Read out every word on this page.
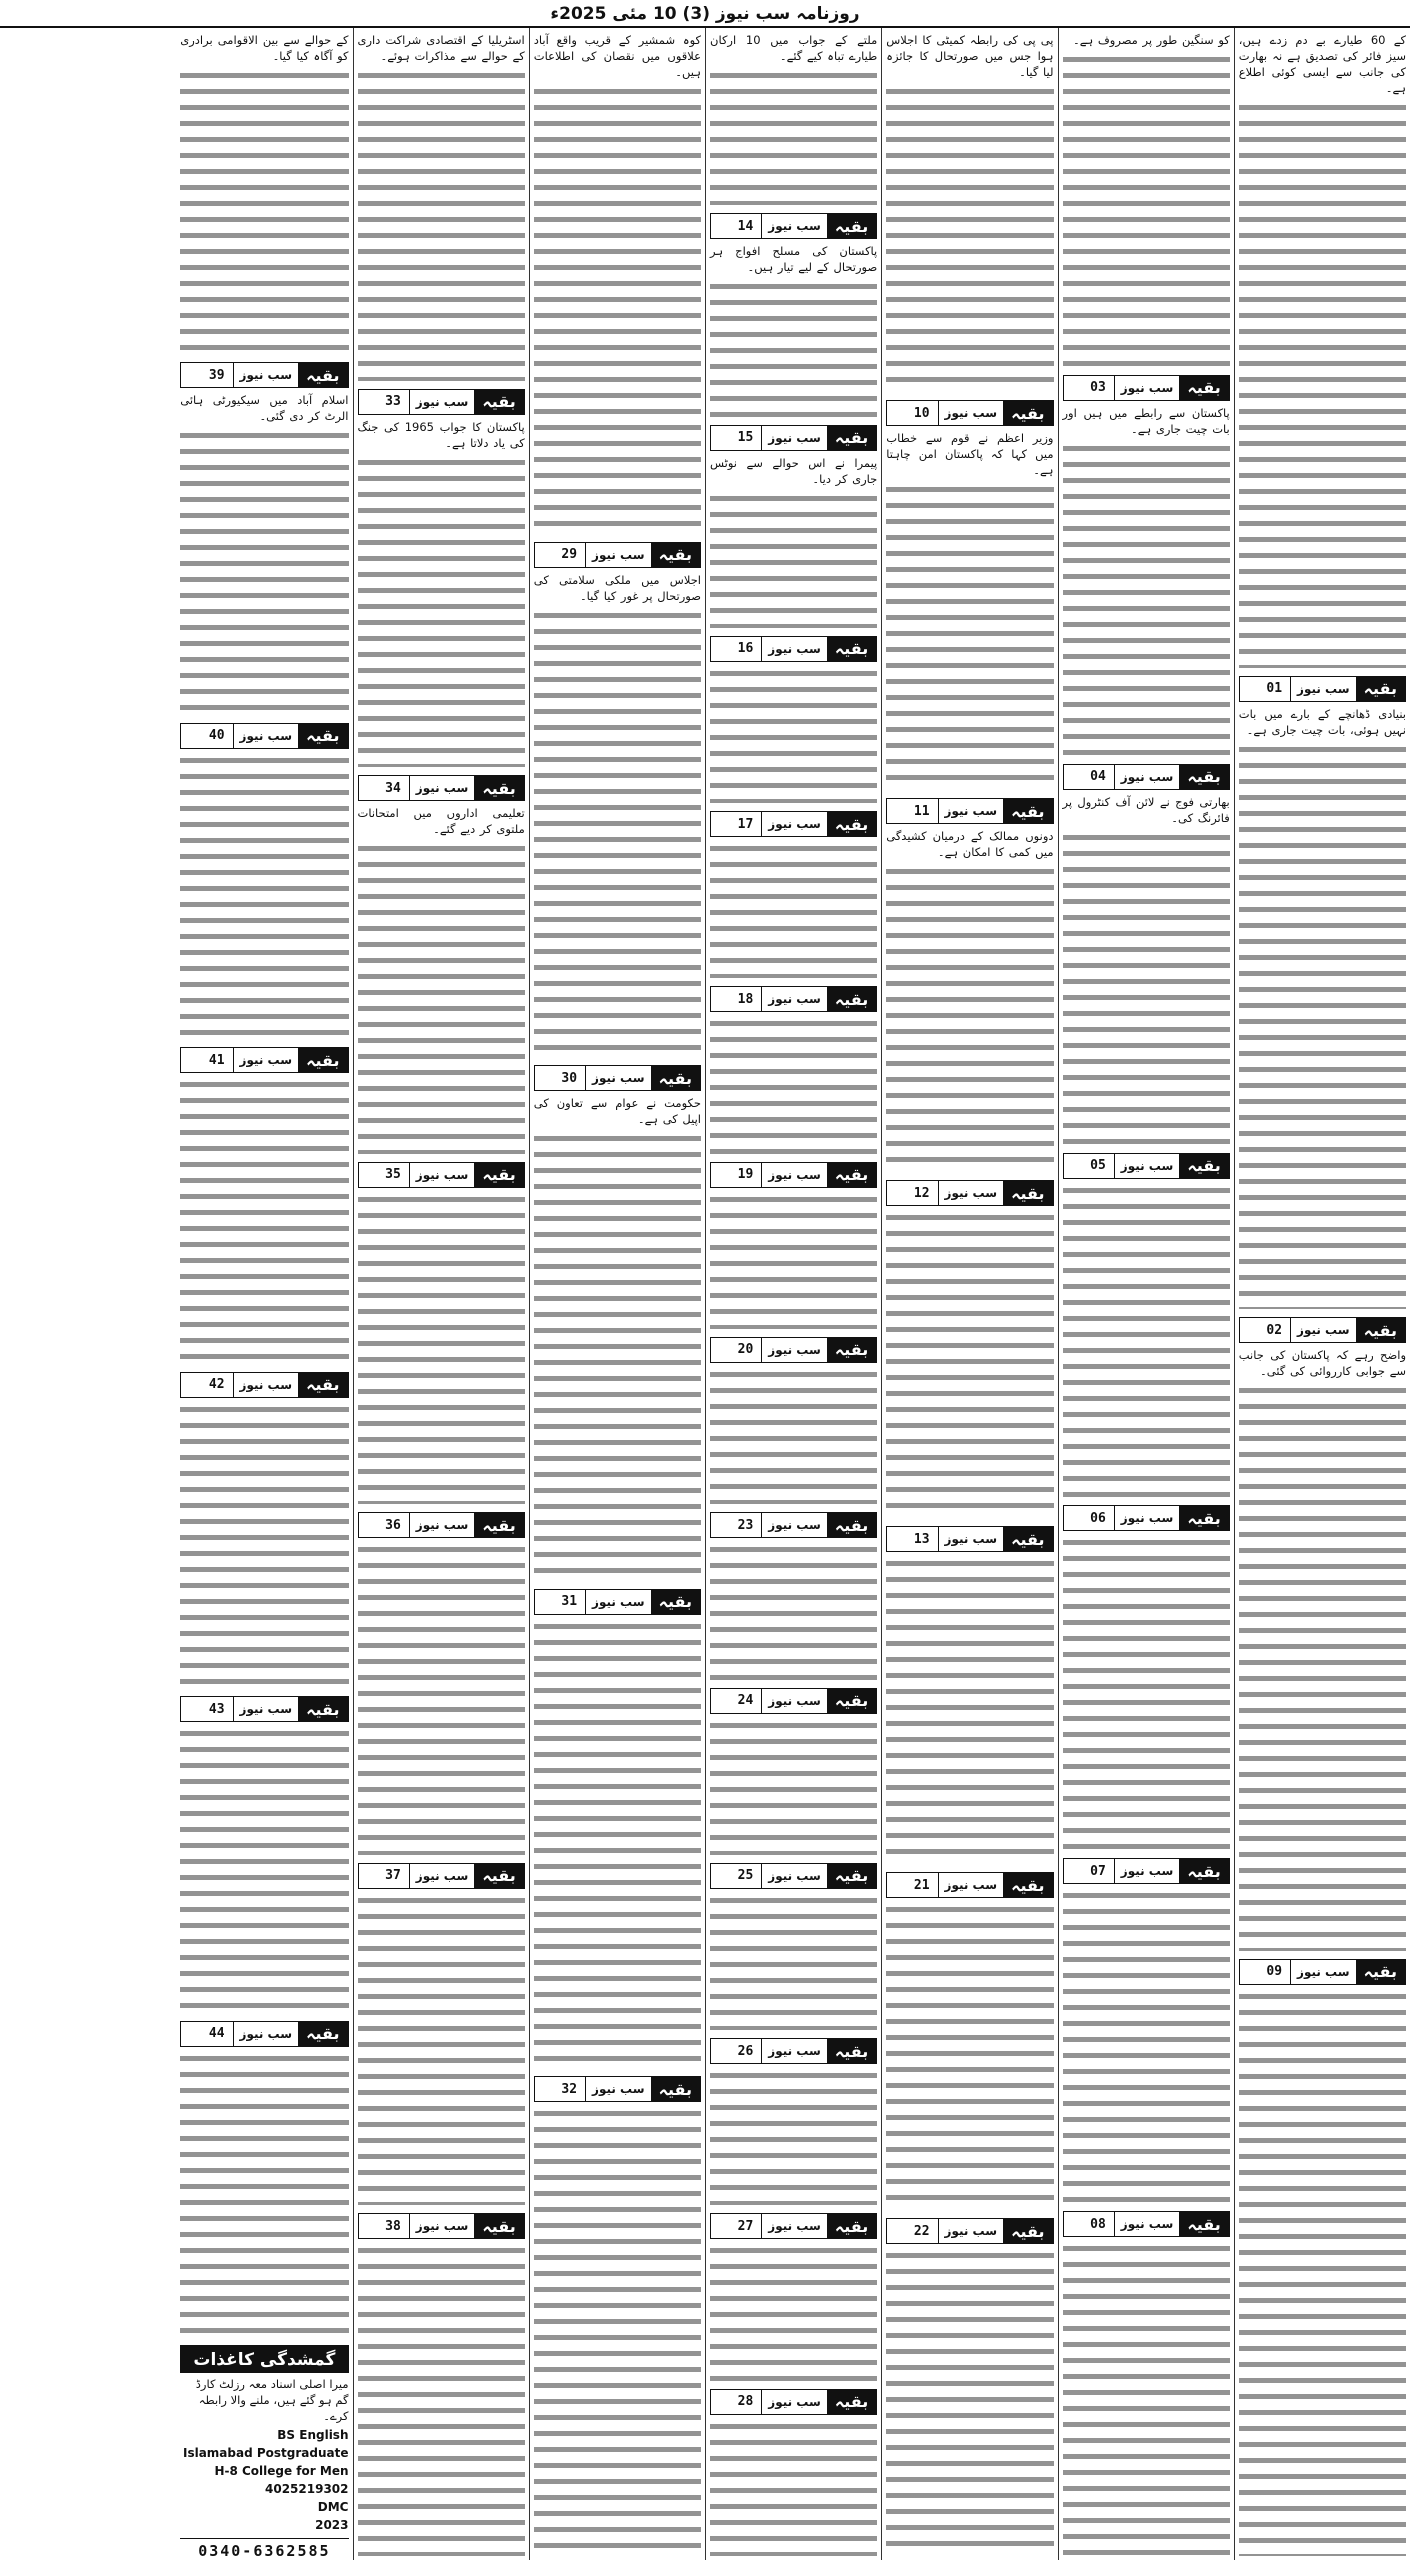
روزنامہ سب نیوز (3) 10 مئی 2025ء

کے 60 طیارے بے دم زدے ہیں، سیز فائر کی تصدیق ہے نہ بھارت کی جانب سے ایسی کوئی اطلاع ہے۔

بقیہ
سب نیوز
01

بنیادی ڈھانچے کے بارے میں بات نہیں ہوئی، بات چیت جاری ہے۔

بقیہ
سب نیوز
02

واضح رہے کہ پاکستان کی جانب سے جوابی کارروائی کی گئی۔

بقیہ
سب نیوز
09

کو سنگین طور پر مصروف ہے۔

بقیہ
سب نیوز
03

پاکستان سے رابطے میں ہیں اور بات چیت جاری ہے۔

بقیہ
سب نیوز
04

بھارتی فوج نے لائن آف کنٹرول پر فائرنگ کی۔

بقیہ
سب نیوز
05
بقیہ
سب نیوز
06
بقیہ
سب نیوز
07
بقیہ
سب نیوز
08

پی پی کی رابطہ کمیٹی کا اجلاس ہوا جس میں صورتحال کا جائزہ لیا گیا۔

بقیہ
سب نیوز
10

وزیر اعظم نے قوم سے خطاب میں کہا کہ پاکستان امن چاہتا ہے۔

بقیہ
سب نیوز
11

دونوں ممالک کے درمیان کشیدگی میں کمی کا امکان ہے۔

بقیہ
سب نیوز
12
بقیہ
سب نیوز
13
بقیہ
سب نیوز
21
بقیہ
سب نیوز
22

ملتے کے جواب میں 10 ارکان طیارے تباہ کیے گئے۔

بقیہ
سب نیوز
14

پاکستان کی مسلح افواج ہر صورتحال کے لیے تیار ہیں۔

بقیہ
سب نیوز
15

پیمرا نے اس حوالے سے نوٹس جاری کر دیا۔

بقیہ
سب نیوز
16
بقیہ
سب نیوز
17
بقیہ
سب نیوز
18
بقیہ
سب نیوز
19
بقیہ
سب نیوز
20
بقیہ
سب نیوز
23
بقیہ
سب نیوز
24
بقیہ
سب نیوز
25
بقیہ
سب نیوز
26
بقیہ
سب نیوز
27
بقیہ
سب نیوز
28

کوہ شمشیر کے قریب واقع آباد علاقوں میں نقصان کی اطلاعات ہیں۔

بقیہ
سب نیوز
29

اجلاس میں ملکی سلامتی کی صورتحال پر غور کیا گیا۔

بقیہ
سب نیوز
30

حکومت نے عوام سے تعاون کی اپیل کی ہے۔

بقیہ
سب نیوز
31
بقیہ
سب نیوز
32

اسٹریلیا کے اقتصادی شراکت داری کے حوالے سے مذاکرات ہوئے۔

بقیہ
سب نیوز
33

پاکستان کا جواب 1965 کی جنگ کی یاد دلاتا ہے۔

بقیہ
سب نیوز
34

تعلیمی اداروں میں امتحانات ملتوی کر دیے گئے۔

بقیہ
سب نیوز
35
بقیہ
سب نیوز
36
بقیہ
سب نیوز
37
بقیہ
سب نیوز
38

کے حوالے سے بین الاقوامی برادری کو آگاہ کیا گیا۔

بقیہ
سب نیوز
39

اسلام آباد میں سیکیورٹی ہائی الرٹ کر دی گئی۔

بقیہ
سب نیوز
40
بقیہ
سب نیوز
41
بقیہ
سب نیوز
42
بقیہ
سب نیوز
43
بقیہ
سب نیوز
44
گمشدگی کاغذات

میرا اصلی اسناد معہ رزلٹ کارڈ گم ہو گئے ہیں، ملنے والا رابطہ کرے۔

BS English
Islamabad Postgraduate
H-8 College for Men
4025219302
DMC
2023
0340-6362585
